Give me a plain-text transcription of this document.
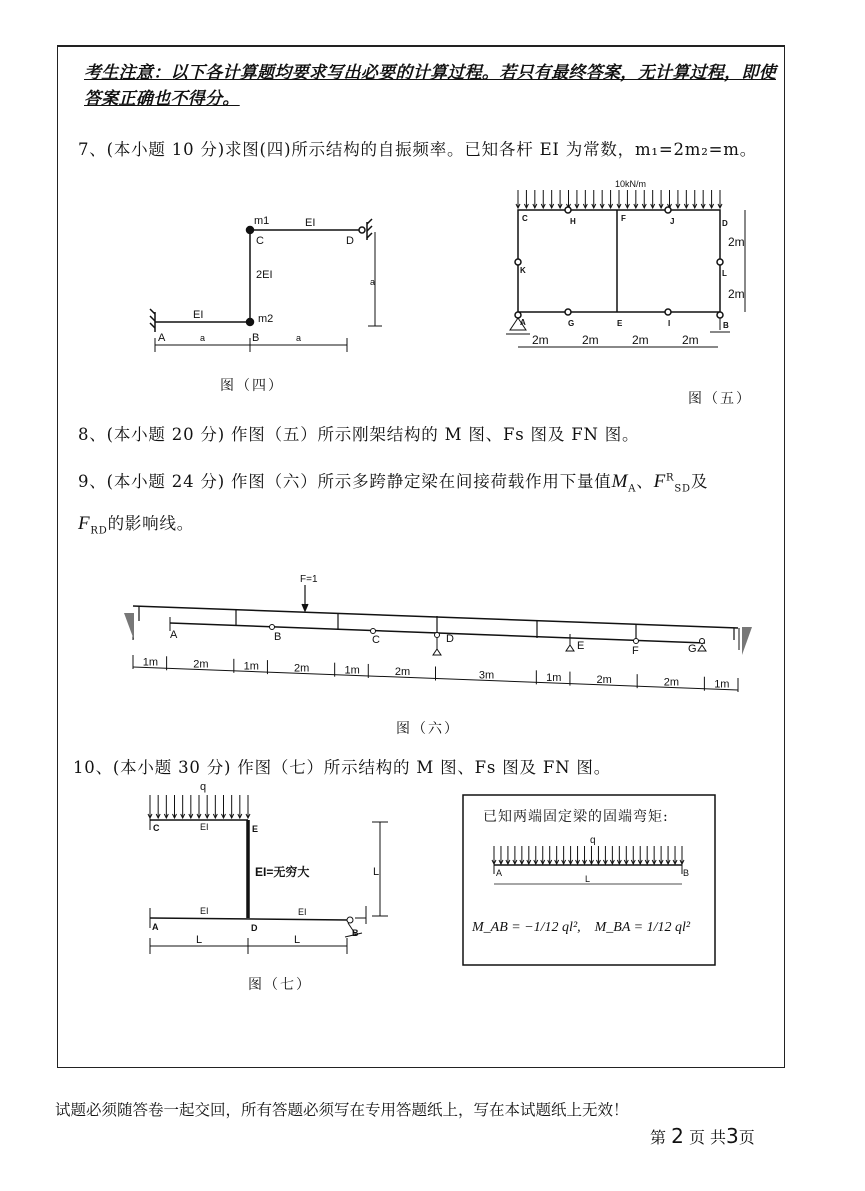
考生注意：以下各计算题均要求写出必要的计算过程。若只有最终答案，无计算过程，即使
答案正确也不得分。
7、(本小题 10 分)求图(四)所示结构的自振频率。已知各杆 EI 为常数，m₁=2m₂=m。
m1
C
EI
D
2EI
a
EI	m2
A	B
a	a
10kN/m
C	H	F	J	D
K	L
A	G	E	I	B
2m	2m	2m	2m
2m
2m
F=1
A	B	C	D
E	F	G
1m	2m	1m	2m	1m	2m	3m	1m	2m	2m	1m
q
C	EI	E
EI=无穷大	L
EI	EI
A	D	B
L	L
q
A	B
L
已知两端固定梁的固端弯矩:
M_AB = −1/12 ql², M_BA = 1/12 ql²
图（四）
图（五）
8、(本小题 20 分) 作图（五）所示刚架结构的 M 图、Fs 图及 FN 图。
9、(本小题 24 分) 作图（六）所示多跨静定梁在间接荷载作用下量值$M_A$、$F^R_{SD}$及
$F_{RD}$的影响线。
图（六）
10、(本小题 30 分) 作图（七）所示结构的 M 图、Fs 图及 FN 图。
图（七）
试题必须随答卷一起交回，所有答题必须写在专用答题纸上，写在本试题纸上无效！
第 2 页 共3页
